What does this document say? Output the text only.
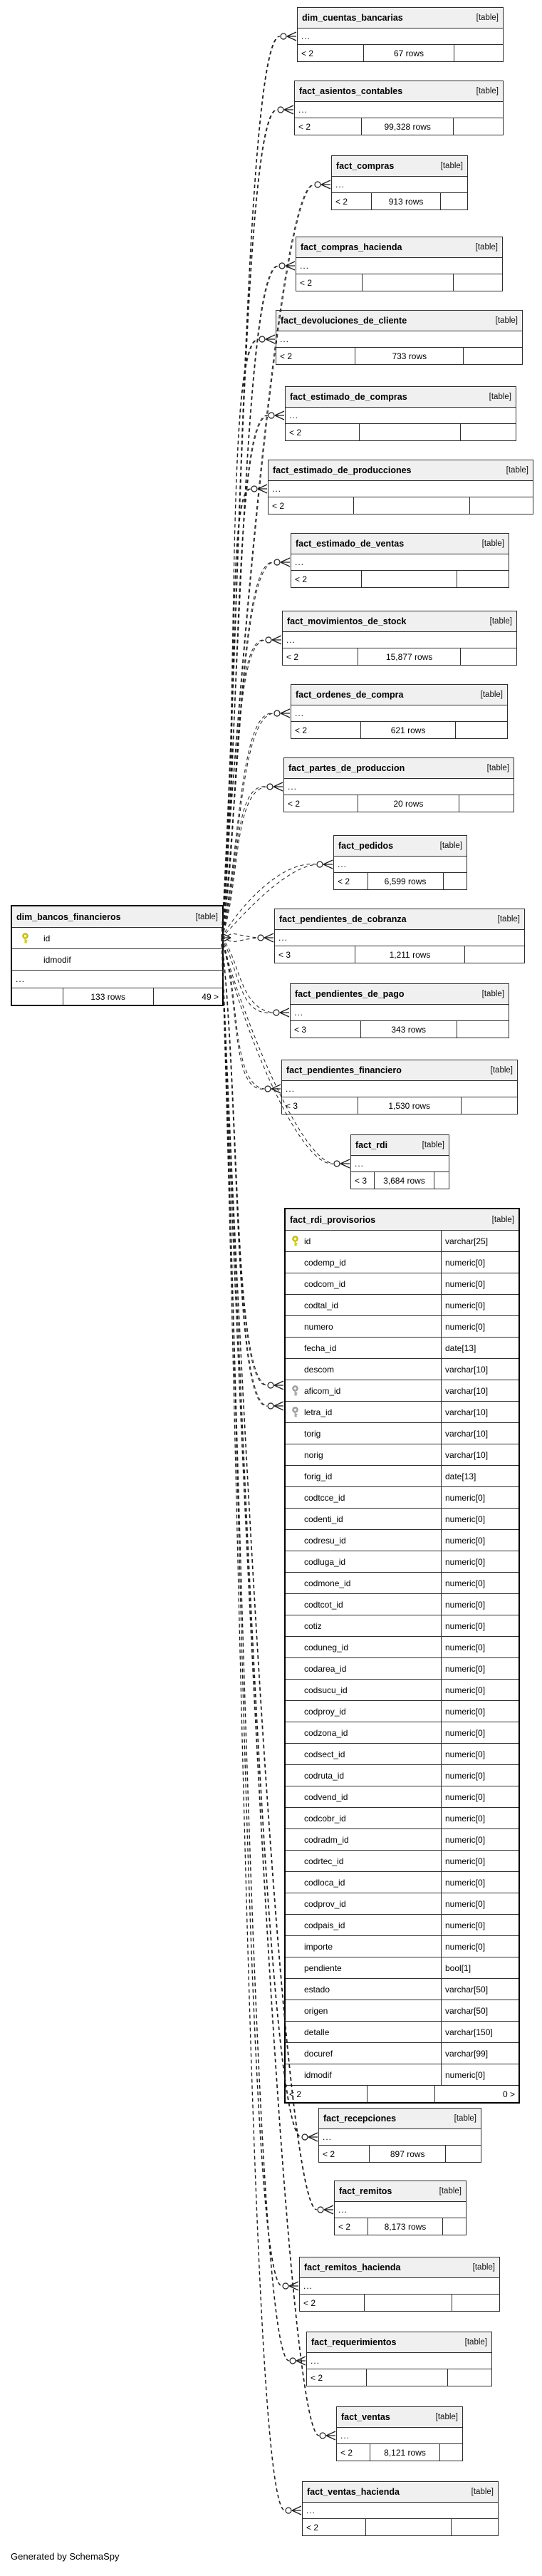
Generated by SchemaSpy
dim_cuentas_bancarias	[table]
...
< 2	67 rows
fact_asientos_contables	[table]
...
< 2	99,328 rows
fact_compras	[table]
...
< 2	913 rows
fact_compras_hacienda	[table]
...
< 2
fact_devoluciones_de_cliente	[table]
...
< 2	733 rows
fact_estimado_de_compras	[table]
...
< 2
fact_estimado_de_producciones	[table]
...
< 2
fact_estimado_de_ventas	[table]
...
< 2
fact_movimientos_de_stock	[table]
...
< 2	15,877 rows
fact_ordenes_de_compra	[table]
...
< 2	621 rows
fact_partes_de_produccion	[table]
...
< 2	20 rows
fact_pedidos	[table]
...
< 2	6,599 rows
fact_pendientes_de_cobranza	[table]
...
< 3	1,211 rows
fact_pendientes_de_pago	[table]
...
< 3	343 rows
fact_pendientes_financiero	[table]
...
< 3	1,530 rows
fact_rdi	[table]
...
< 3	3,684 rows
dim_bancos_financieros	[table]
id
idmodif
...
133 rows	49 >
fact_rdi_provisorios	[table]
id	varchar[25]
codemp_id	numeric[0]
codcom_id	numeric[0]
codtal_id	numeric[0]
numero	numeric[0]
fecha_id	date[13]
descom	varchar[10]
aficom_id	varchar[10]
letra_id	varchar[10]
torig	varchar[10]
norig	varchar[10]
forig_id	date[13]
codtcce_id	numeric[0]
codenti_id	numeric[0]
codresu_id	numeric[0]
codluga_id	numeric[0]
codmone_id	numeric[0]
codtcot_id	numeric[0]
cotiz	numeric[0]
coduneg_id	numeric[0]
codarea_id	numeric[0]
codsucu_id	numeric[0]
codproy_id	numeric[0]
codzona_id	numeric[0]
codsect_id	numeric[0]
codruta_id	numeric[0]
codvend_id	numeric[0]
codcobr_id	numeric[0]
codradm_id	numeric[0]
codrtec_id	numeric[0]
codloca_id	numeric[0]
codprov_id	numeric[0]
codpais_id	numeric[0]
importe	numeric[0]
pendiente	bool[1]
estado	varchar[50]
origen	varchar[50]
detalle	varchar[150]
docuref	varchar[99]
idmodif	numeric[0]
< 2	0 >
fact_recepciones	[table]
...
< 2	897 rows
fact_remitos	[table]
...
< 2	8,173 rows
fact_remitos_hacienda	[table]
...
< 2
fact_requerimientos	[table]
...
< 2
fact_ventas	[table]
...
< 2	8,121 rows
fact_ventas_hacienda	[table]
...
< 2
